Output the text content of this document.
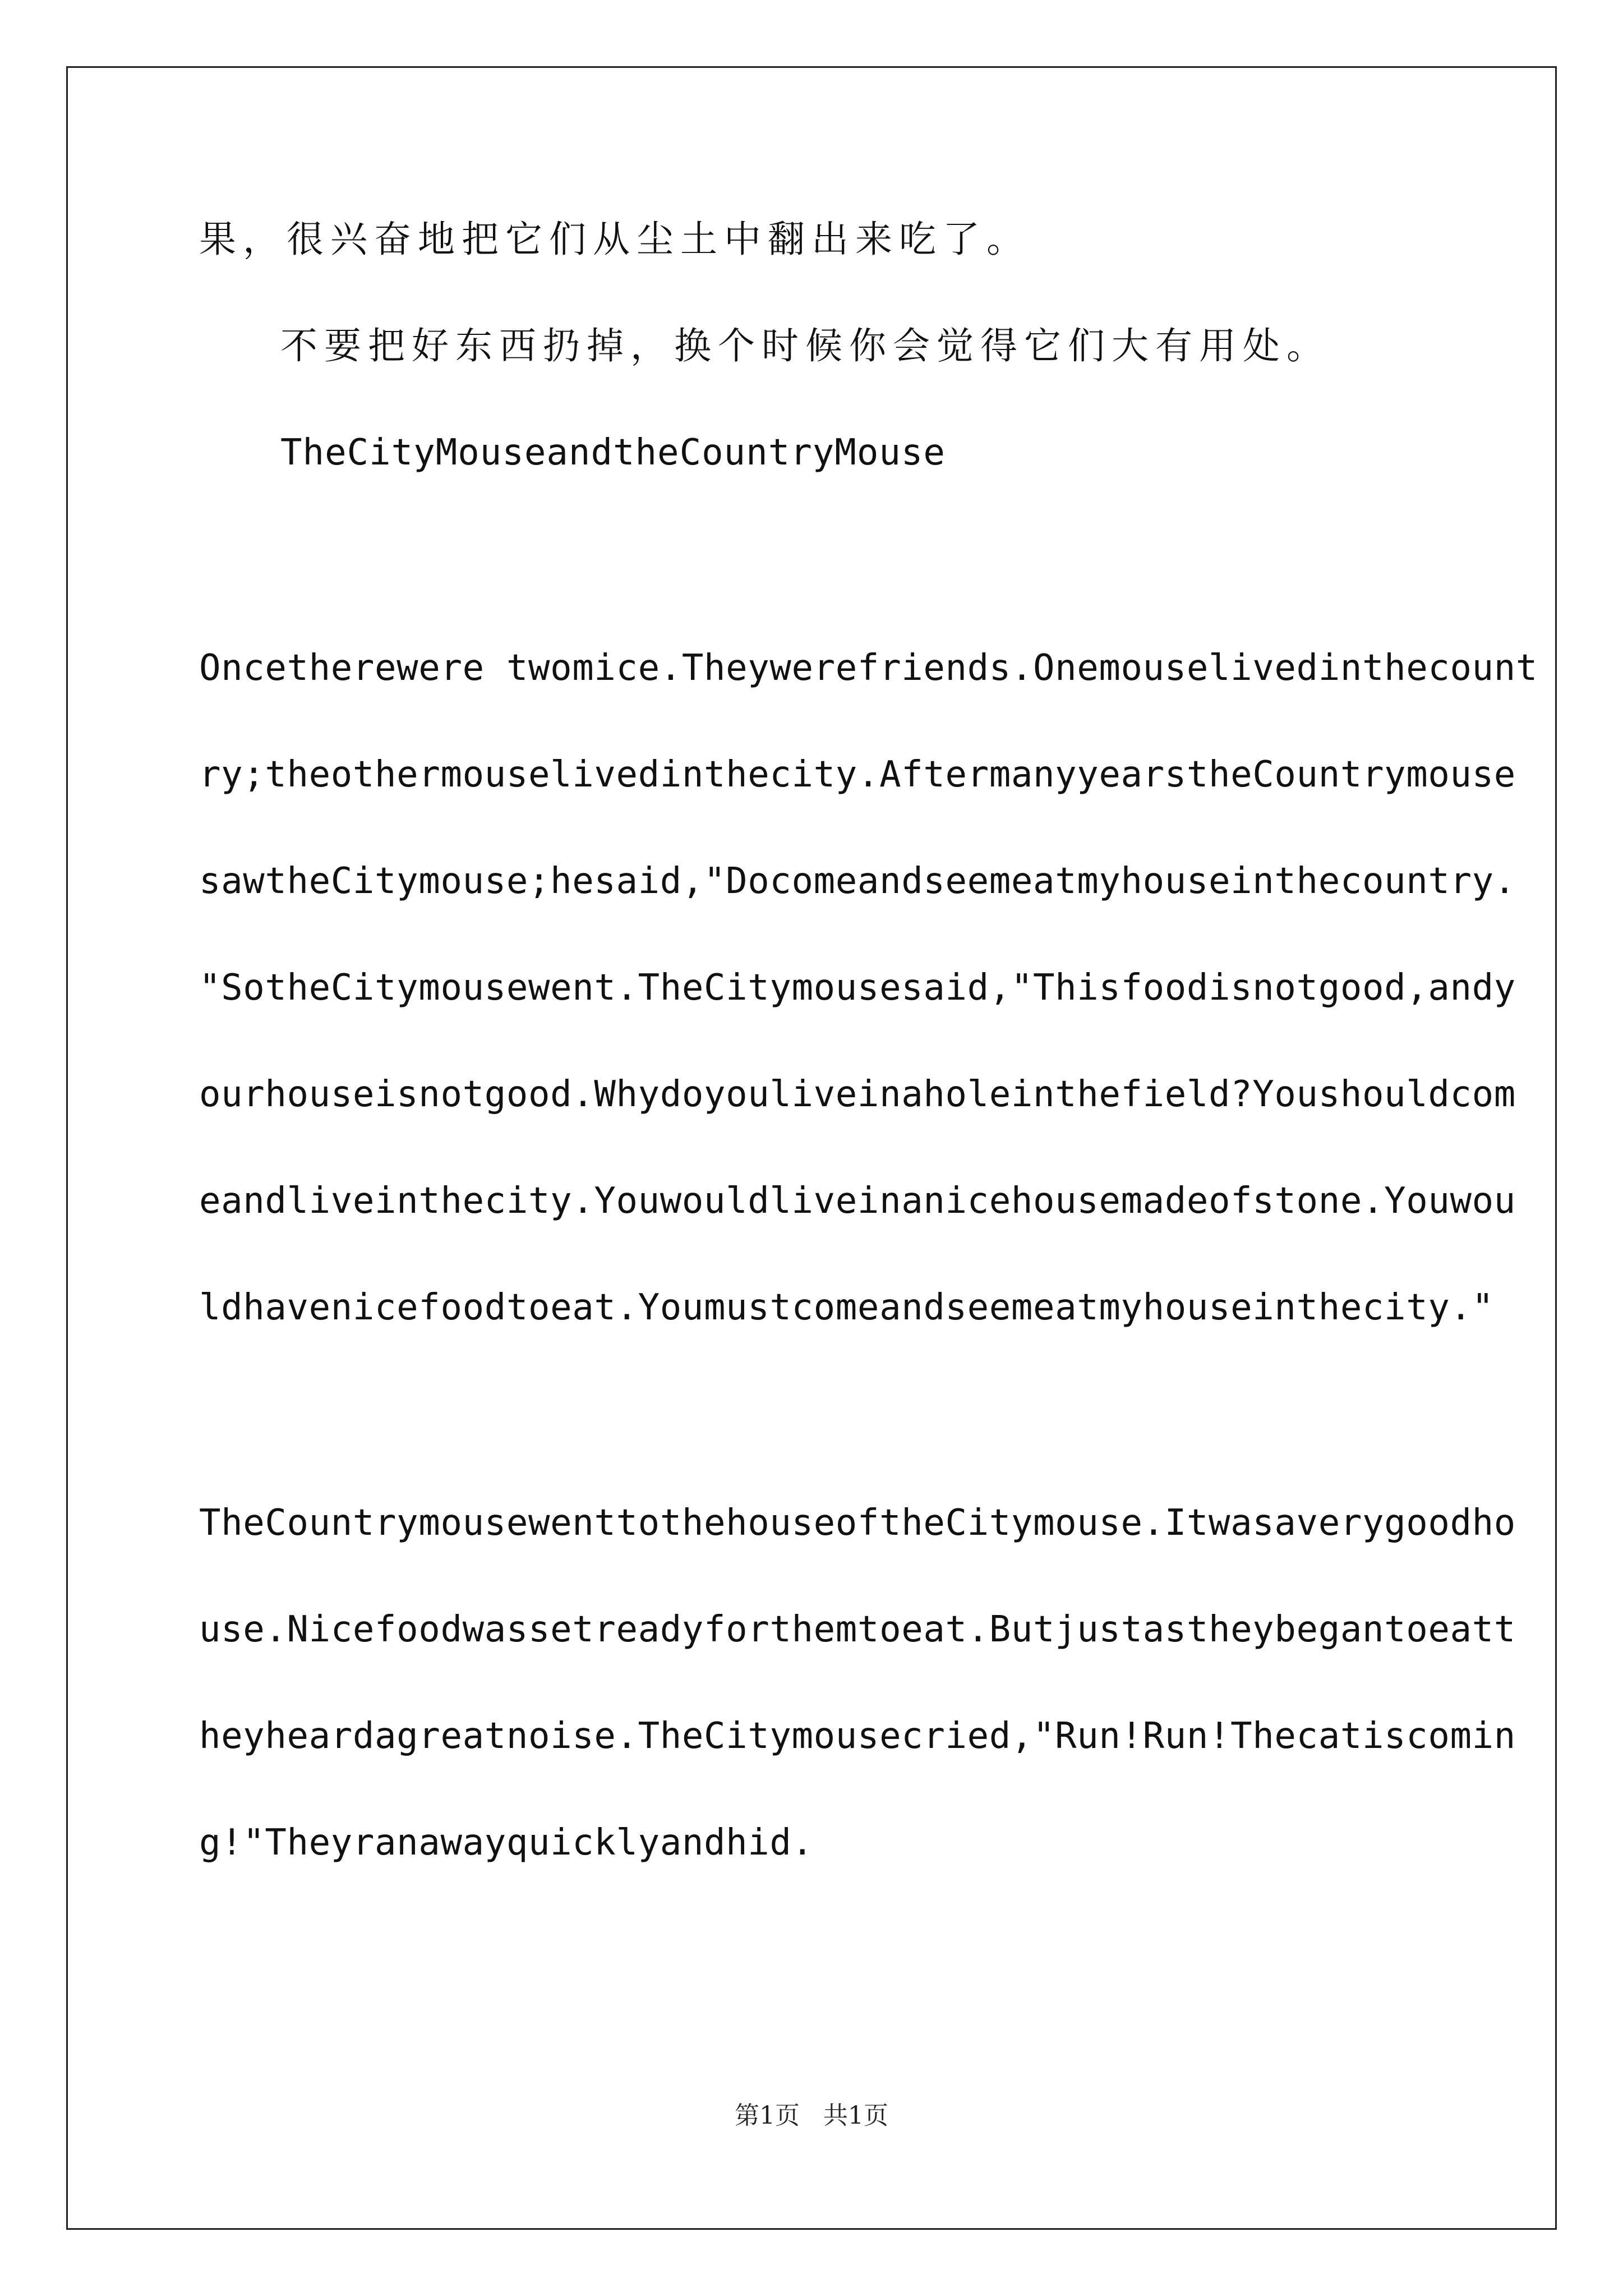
果，很兴奋地把它们从尘土中翻出来吃了。
不要把好东西扔掉，换个时候你会觉得它们大有用处。
TheCityMouseandtheCountryMouse
Oncetherewere twomice.Theywerefriends.Onemouselivedinthecount
ry;theothermouselivedinthecity.AftermanyyearstheCountrymouse
sawtheCitymouse;hesaid,"Docomeandseemeatmyhouseinthecountry.
"SotheCitymousewent.TheCitymousesaid,"Thisfoodisnotgood,andy
ourhouseisnotgood.Whydoyouliveinaholeinthefield?Youshouldcom
eandliveinthecity.Youwouldliveinanicehousemadeofstone.Youwou
ldhavenicefoodtoeat.Youmustcomeandseemeatmyhouseinthecity."
TheCountrymousewenttothehouseoftheCitymouse.Itwasaverygoodho
use.Nicefoodwassetreadyforthemtoeat.Butjustastheybegantoeatt
heyheardagreatnoise.TheCitymousecried,"Run!Run!Thecatiscomin
g!"Theyranawayquicklyandhid.
第1页 共1页
